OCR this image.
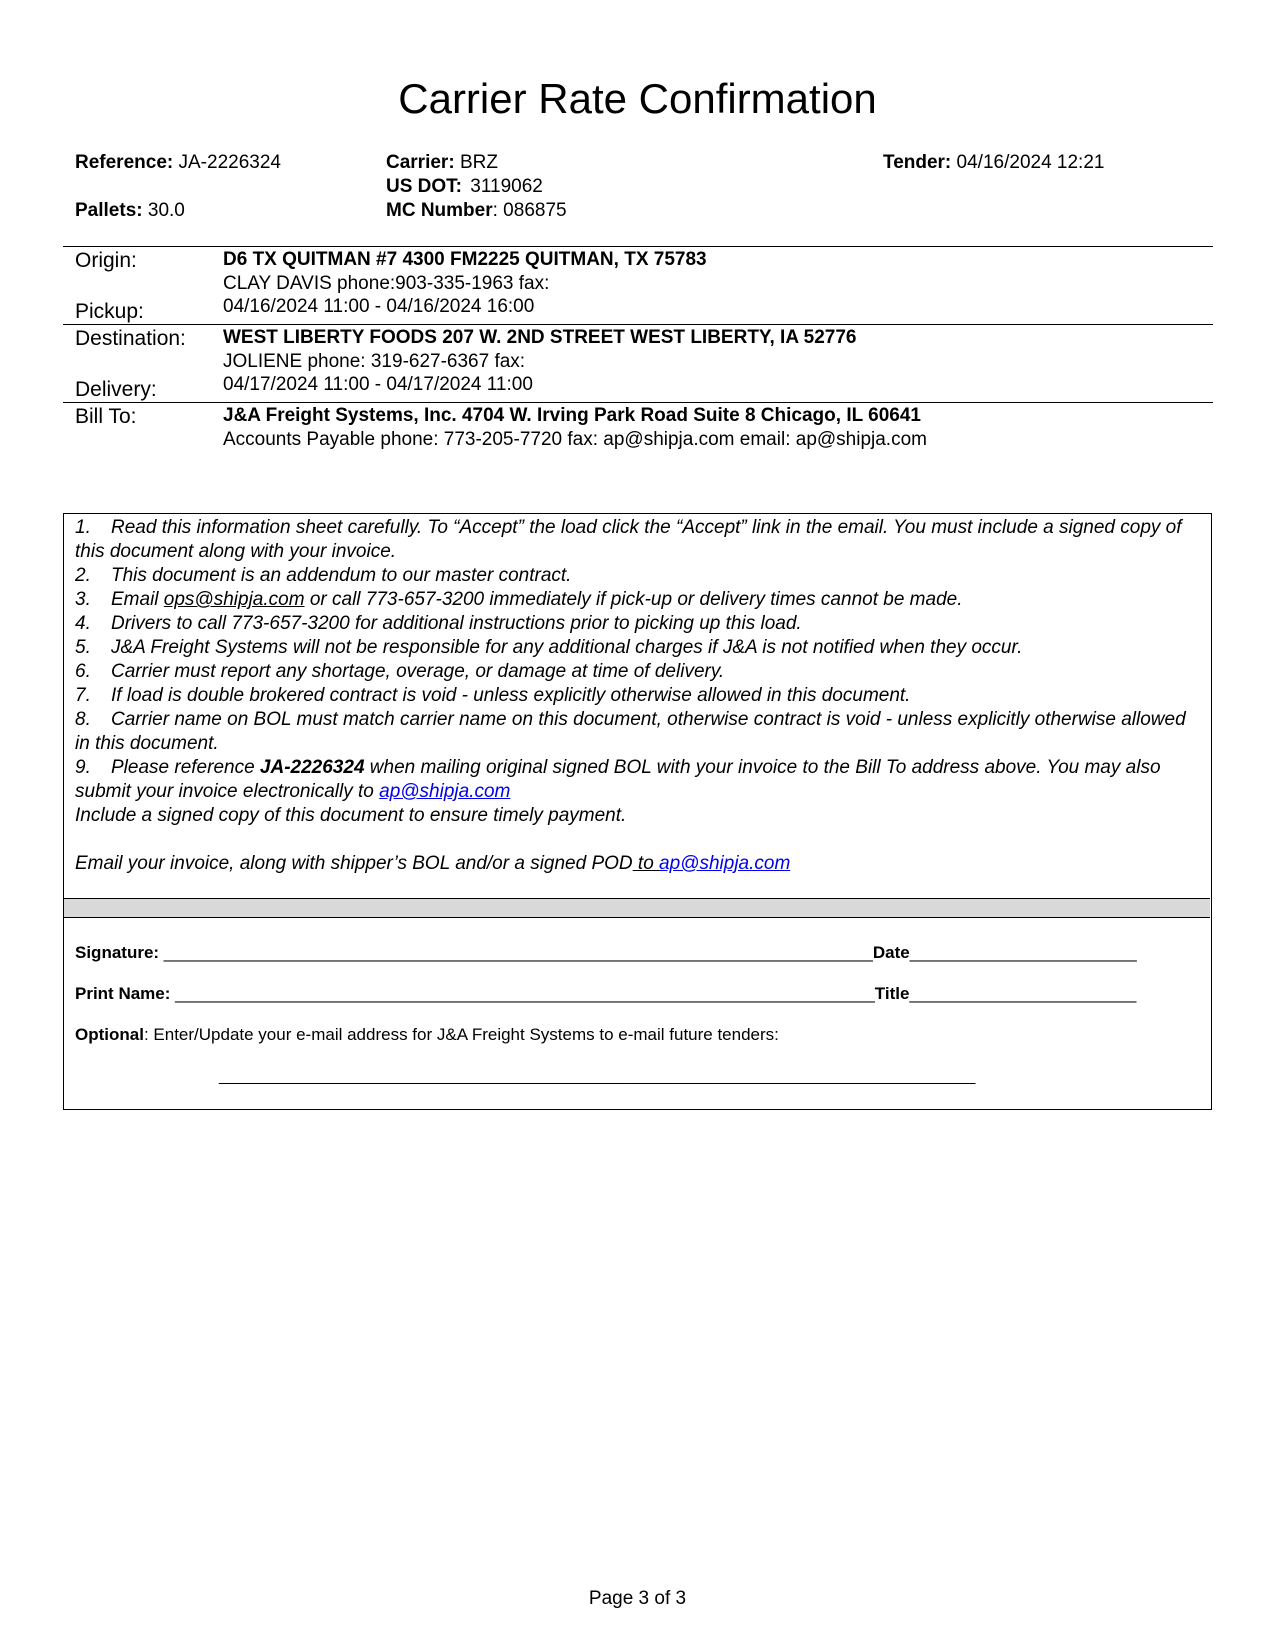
Carrier Rate Confirmation
Reference: JA-2226324
Pallets: 30.0
Carrier: BRZ
US DOT: 3119062
MC Number: 086875
Tender: 04/16/2024 12:21
Origin:	D6 TX QUITMAN #7 4300 FM2225 QUITMAN, TX 75783
CLAY DAVIS phone:903-335-1963 fax:
Pickup:	04/16/2024 11:00 - 04/16/2024 16:00
Destination: WEST LIBERTY FOODS 207 W. 2ND STREET WEST LIBERTY, IA 52776
JOLIENE phone: 319-627-6367 fax:
Delivery:	04/17/2024 11:00 - 04/17/2024 11:00
Bill To:	J&A Freight Systems, Inc. 4704 W. Irving Park Road Suite 8 Chicago, IL 60641
Accounts Payable phone: 773-205-7720 fax: ap@shipja.com email: ap@shipja.com

1. Read this information sheet carefully. To “Accept” the load click the “Accept” link in the email. You must include a signed copy of this document along with your invoice.

2. This document is an addendum to our master contract.

3. Email ops@shipja.com or call 773-657-3200 immediately if pick-up or delivery times cannot be made.

4. Drivers to call 773-657-3200 for additional instructions prior to picking up this load.

5. J&A Freight Systems will not be responsible for any additional charges if J&A is not notified when they occur.

6. Carrier must report any shortage, overage, or damage at time of delivery.

7. If load is double brokered contract is void - unless explicitly otherwise allowed in this document.

8. Carrier name on BOL must match carrier name on this document, otherwise contract is void - unless explicitly otherwise allowed in this document.

9. Please reference JA-2226324 when mailing original signed BOL with your invoice to the Bill To address above. You may also submit your invoice electronically to ap@shipja.com

Include a signed copy of this document to ensure timely payment.

Email your invoice, along with shipper’s BOL and/or a signed POD to ap@shipja.com

Signature: ___________________________________________________________________________Date________________________
Print Name: __________________________________________________________________________Title________________________
Optional: Enter/Update your e-mail address for J&A Freight Systems to e-mail future tenders:
_____________________________________________________________________________________
Page 3 of 3
